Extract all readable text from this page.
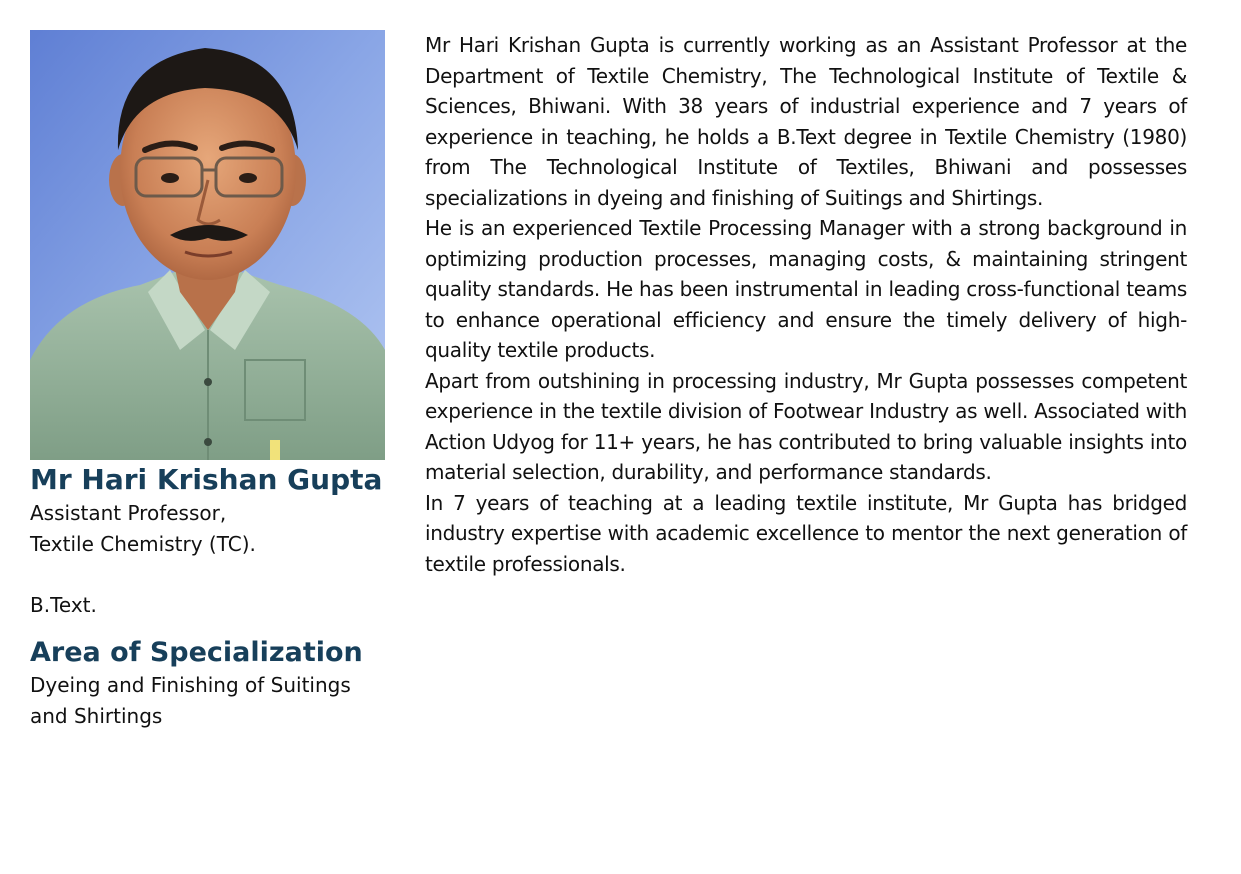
Mr Hari Krishan Gupta

Assistant Professor,

Textile Chemistry (TC).

B.Text.

Area of Specialization

Dyeing and Finishing of Suitings and Shirtings

Mr Hari Krishan Gupta is currently working as an Assistant Professor at the Department of Textile Chemistry, The Technological Institute of Textile & Sciences, Bhiwani. With 38 years of industrial experience and 7 years of experience in teaching, he holds a B.Text degree in Textile Chemistry (1980) from The Technological Institute of Textiles, Bhiwani and possesses specializations in dyeing and finishing of Suitings and Shirtings.

He is an experienced Textile Processing Manager with a strong background in optimizing production processes, managing costs, & maintaining stringent quality standards. He has been instrumental in leading cross-functional teams to enhance operational efficiency and ensure the timely delivery of high-quality textile products.

Apart from outshining in processing industry, Mr Gupta possesses competent experience in the textile division of Footwear Industry as well. Associated with Action Udyog for 11+ years, he has contributed to bring valuable insights into material selection, durability, and performance standards.

In 7 years of teaching at a leading textile institute, Mr Gupta has bridged industry expertise with academic excellence to mentor the next generation of textile professionals.
